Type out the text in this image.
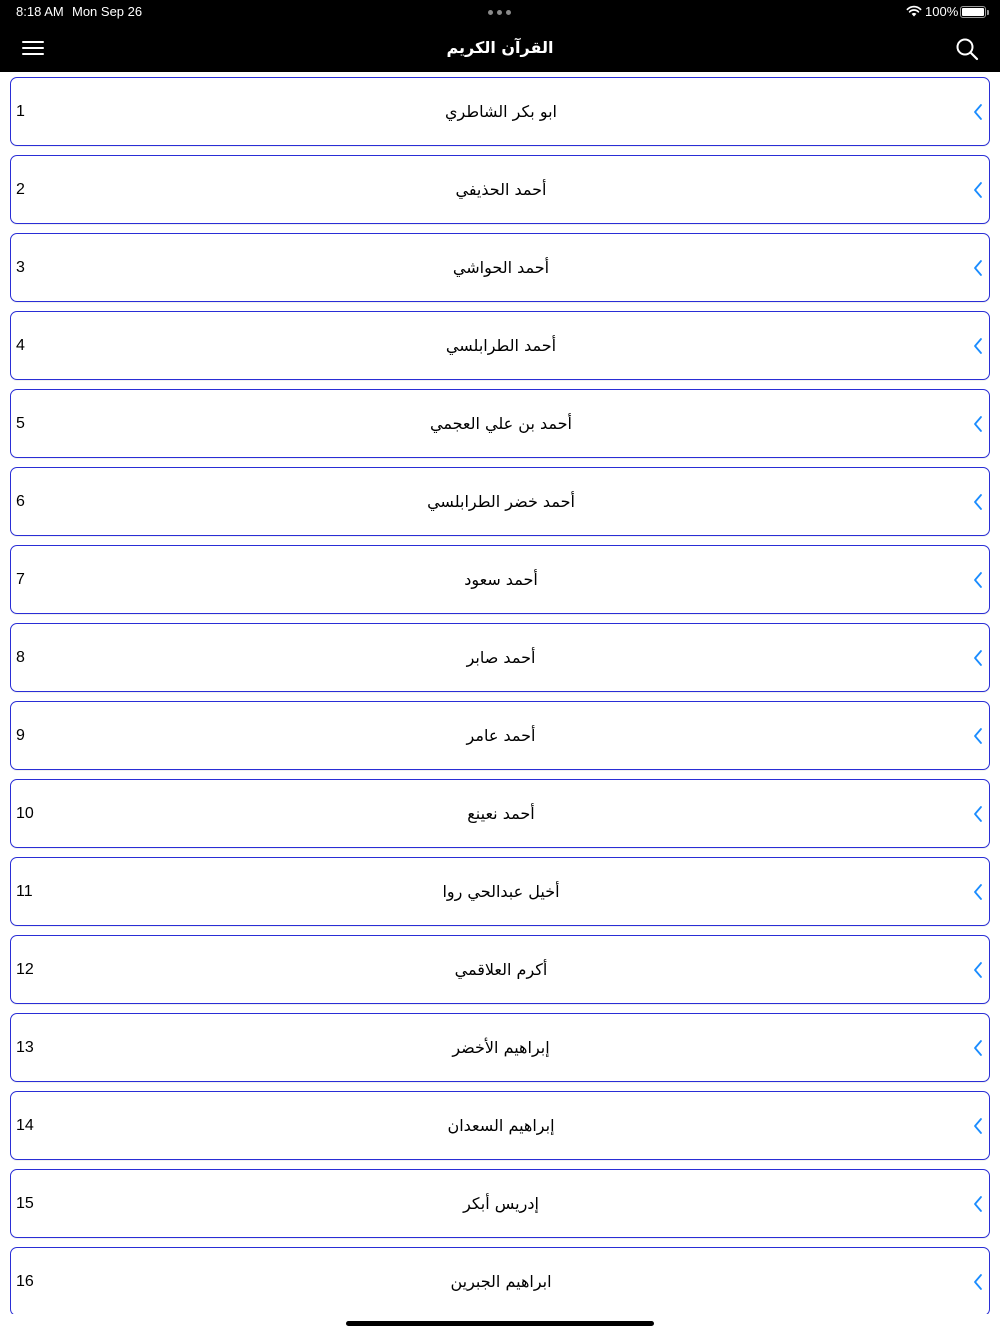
8:18 AM Mon Sep 26	100%
القرآن الكريم
1	ابو بكر الشاطري
2	أحمد الحذيفي
3	أحمد الحواشي
4	أحمد الطرابلسي
5	أحمد بن علي العجمي
6	أحمد خضر الطرابلسي
7	أحمد سعود
8	أحمد صابر
9	أحمد عامر
10	أحمد نعينع
11	أخيل عبدالحي روا
12	أكرم العلاقمي
13	إبراهيم الأخضر
14	إبراهيم السعدان
15	إدريس أبكر
16	ابراهيم الجبرين
